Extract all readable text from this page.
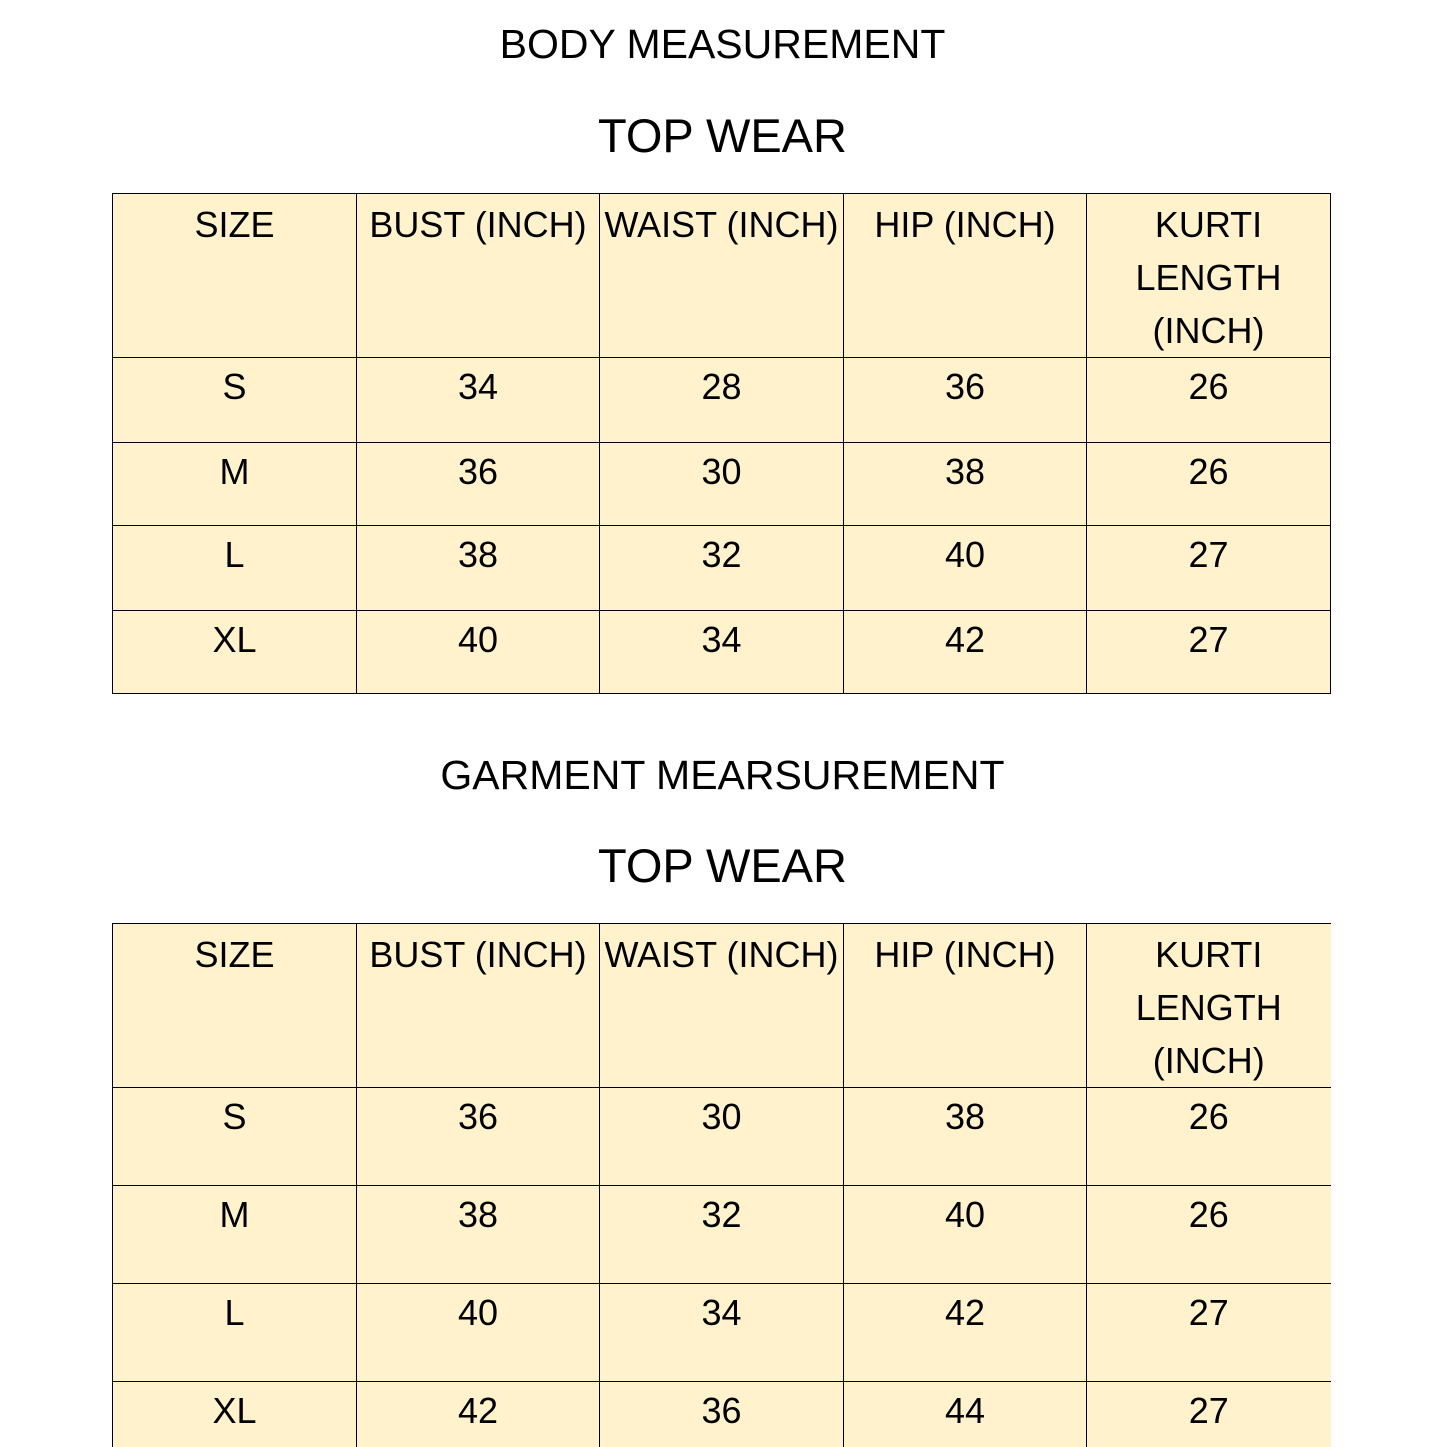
BODY MEASUREMENT
TOP WEAR
SIZE	BUST (INCH)	WAIST (INCH)	HIP (INCH)	KURTI LENGTH (INCH)
S	34	28	36	26
M	36	30	38	26
L	38	32	40	27
XL	40	34	42	27
GARMENT MEARSUREMENT
TOP WEAR
SIZE	BUST (INCH)	WAIST (INCH)	HIP (INCH)	KURTI LENGTH (INCH)
S	36	30	38	26
M	38	32	40	26
L	40	34	42	27
XL	42	36	44	27
